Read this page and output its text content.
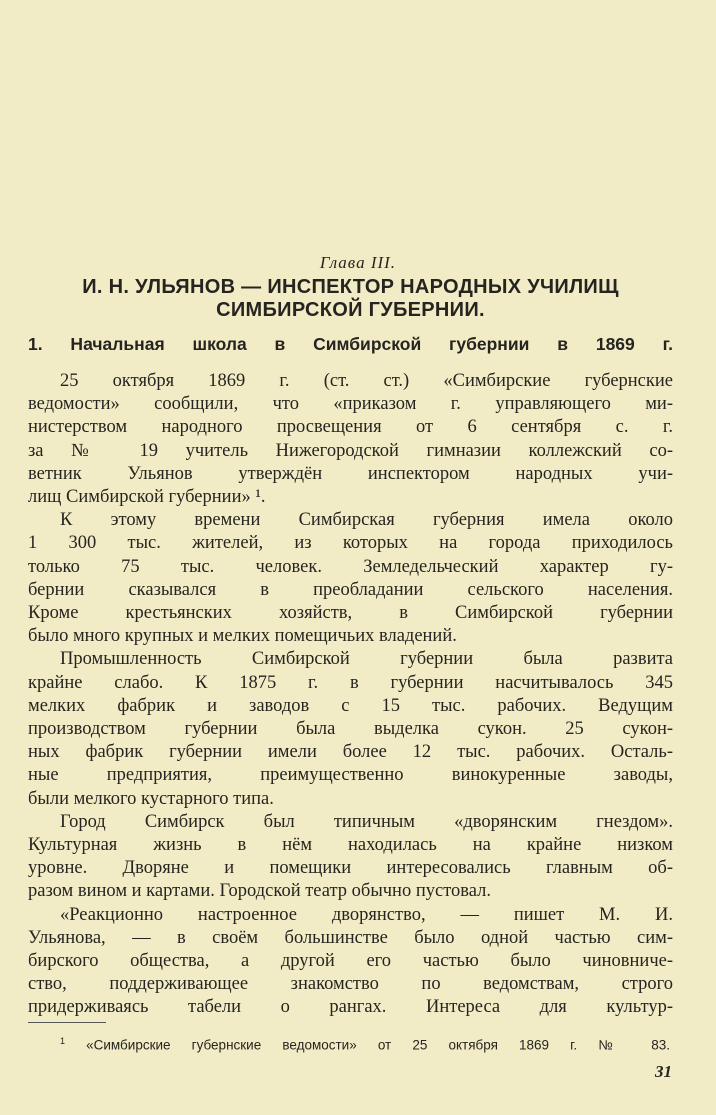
Глава III.
И. Н. УЛЬЯНОВ — ИНСПЕКТОР НАРОДНЫХ УЧИЛИЩ
СИМБИРСКОЙ ГУБЕРНИИ.
1. Начальная школа в Симбирской губернии в 1869 г.
25 октября 1869 г. (ст. ст.) «Симбирские губернские
ведомости» сообщили, что «приказом г. управляющего ми-
нистерством народного просвещения от 6 сентября с. г.
за № 19 учитель Нижегородской гимназии коллежский со-
ветник Ульянов утверждён инспектором народных учи-
лищ Симбирской губернии» ¹.
К этому времени Симбирская губерния имела около
1 300 тыс. жителей, из которых на города приходилось
только 75 тыс. человек. Земледельческий характер гу-
бернии сказывался в преобладании сельского населения.
Кроме крестьянских хозяйств, в Симбирской губернии
было много крупных и мелких помещичьих владений.
Промышленность Симбирской губернии была развита
крайне слабо. К 1875 г. в губернии насчитывалось 345
мелких фабрик и заводов с 15 тыс. рабочих. Ведущим
производством губернии была выделка сукон. 25 сукон-
ных фабрик губернии имели более 12 тыс. рабочих. Осталь-
ные предприятия, преимущественно винокуренные заводы,
были мелкого кустарного типа.
Город Симбирск был типичным «дворянским гнездом».
Культурная жизнь в нём находилась на крайне низком
уровне. Дворяне и помещики интересовались главным об-
разом вином и картами. Городской театр обычно пустовал.
«Реакционно настроенное дворянство, — пишет М. И.
Ульянова, — в своём большинстве было одной частью сим-
бирского общества, а другой его частью было чиновниче-
ство, поддерживающее знакомство по ведомствам, строго
придерживаясь табели о рангах. Интереса для культур-
$^1$ «Симбирские губернские ведомости» от 25 октября 1869 г. № 83.
31
